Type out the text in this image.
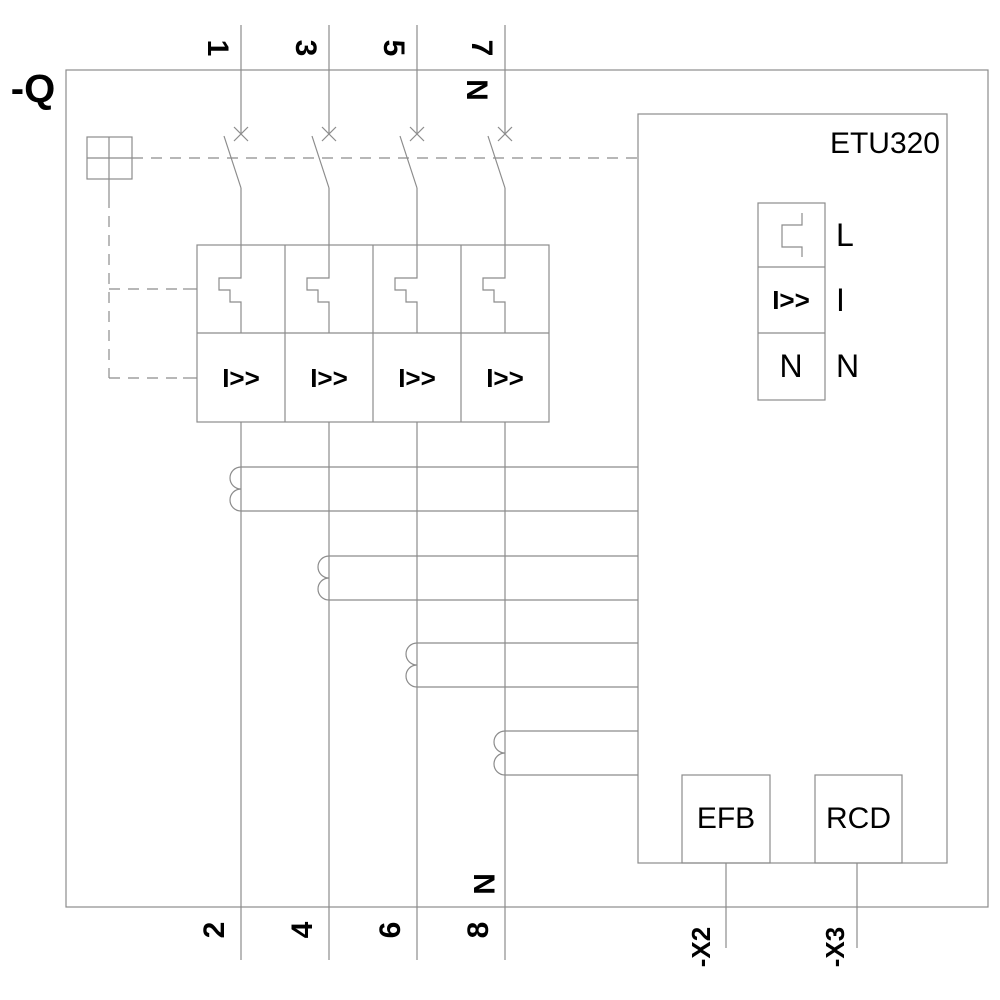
-Q
1 3 5 7
N
2 4 6 8
N
I>>	I>>	I>>	I>>
ETU320
L
I>> I
N N
EFB	RCD
-X2	-X3
